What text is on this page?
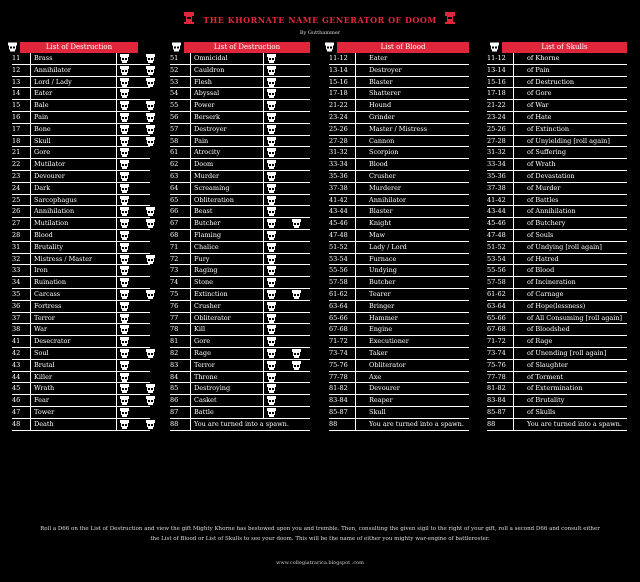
THE KHORNATE NAME GENERATOR OF DOOM
By Gutthammer
List of Destruction
11 Brass
12 Annihilator
13 Lord / Lady
14 Eater
15 Bale
16 Pain
17 Bone
18 Skull
21 Gore
22 Mutilator
23 Devourer
24 Dark
25 Sarcophagus
26 Annihilation
27 Mutilation
28 Blood
31 Brutality
32 Mistress / Master
33 Iron
34 Ruination
35 Carcass
36 Fortress
37 Terror
38 War
41 Desecrator
42 Soul
43 Brutal
44 Killer
45 Wrath
46 Fear
47 Tower
48 Death
List of Destruction
51 Omnicidal
52 Cauldron
53 Flesh
54 Abyssal
55 Power
56 Berserk
57 Destroyer
58 Pain
61 Atrocity
62 Doom
63 Murder
64 Screaming
65 Obliteration
66 Beast
67 Butcher
68 Flaming
71 Chalice
72 Fury
73 Raging
74 Stone
75 Extinction
76 Crusher
77 Obliterator
78 Kill
81 Gore
82 Rage
83 Terror
84 Throne
85 Destroying
86 Casket
87 Battle
88 You are turned into a spawn.
List of Blood
11-12	Eater
13-14	Destroyer
15-16	Blaster
17-18	Shatterer
21-22	Hound
23-24	Grinder
25-26	Master / Mistress
27-28	Cannon
31-32	Scorpion
33-34	Blood
35-36	Crusher
37-38	Murderer
41-42	Annihilator
43-44	Blaster
45-46	Knight
47-48	Maw
51-52	Lady / Lord
53-54	Furnace
55-56	Undying
57-58	Butcher
61-62	Tearer
63-64	Bringer
65-66	Hammer
67-68	Engine
71-72	Executioner
73-74	Taker
75-76	Obliterator
77-78	Axe
81-82	Devourer
83-84	Reaper
85-87	Skull
88	You are turned into a spawn.
List of Skulls
11-12	of Khorne
13-14	of Pain
15-16	of Destruction
17-18	of Gore
21-22	of War
23-24	of Hate
25-26	of Extinction
27-28	of Unyielding [roll again]
31-32	of Suffering
33-34	of Wrath
35-36	of Devastation
37-38	of Murder
41-42	of Battles
43-44	of Annihilation
45-46	of Butchery
47-48	of Souls
51-52	of Undying [roll again]
53-54	of Hatred
55-56	of Blood
57-58	of Incineration
61-62	of Carnage
63-64	of Hope(lessness)
65-66	of All Consuming [roll again]
67-68	of Bloodshed
71-72	of Rage
73-74	of Unending [roll again]
75-76	of Slaughter
77-78	of Torment
81-82	of Extermination
83-84	of Brutality
85-87	of Skulls
88	You are turned into a spawn.
Roll a D66 on the List of Destruction and view the gift Mighty Khorne has bestowed upon you and tremble. Then, consulting the given sigil to the right of your gift, roll a second D66 and consult either the List of Blood or List of Skulls to see your doom. This will be the name of either you mighty war-engine of battleroster.
www.collegiatrarica.blogspot .com
